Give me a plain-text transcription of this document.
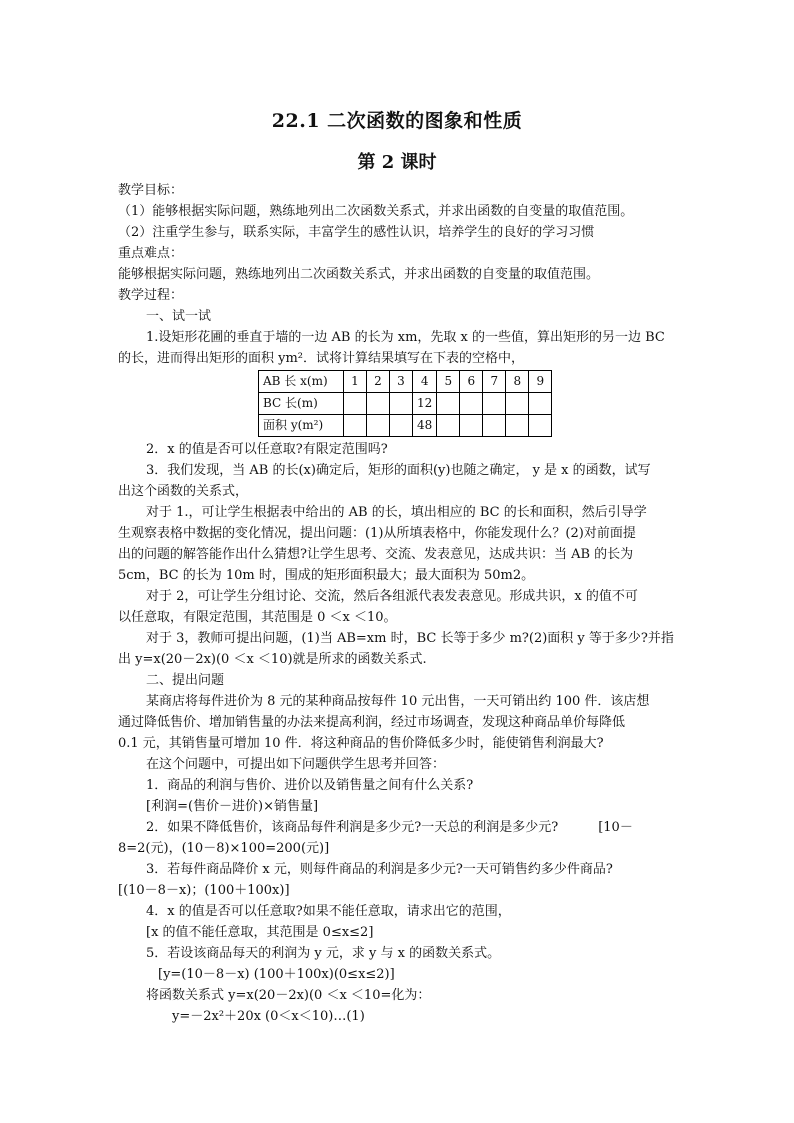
22.1 二次函数的图象和性质
第 2 课时

教学目标：

（1）能够根据实际问题，熟练地列出二次函数关系式，并求出函数的自变量的取值范围。

（2）注重学生参与，联系实际，丰富学生的感性认识，培养学生的良好的学习习惯

重点难点：

能够根据实际问题，熟练地列出二次函数关系式，并求出函数的自变量的取值范围。

教学过程：

一、试一试

1.设矩形花圃的垂直于墙的一边 AB 的长为 xm，先取 x 的一些值，算出矩形的另一边 BC

的长，进而得出矩形的面积 ym²．试将计算结果填写在下表的空格中，

AB 长 x(m)	1	2	3	4	5	6	7	8	9
BC 长(m)				12					
面积 y(m²)				48					

2．x 的值是否可以任意取?有限定范围吗?

3．我们发现，当 AB 的长(x)确定后，矩形的面积(y)也随之确定， y 是 x 的函数，试写

出这个函数的关系式，

对于 1.，可让学生根据表中给出的 AB 的长，填出相应的 BC 的长和面积，然后引导学

生观察表格中数据的变化情况，提出问题：(1)从所填表格中，你能发现什么？(2)对前面提

出的问题的解答能作出什么猜想?让学生思考、交流、发表意见，达成共识：当 AB 的长为

5cm，BC 的长为 10m 时，围成的矩形面积最大；最大面积为 50m2。

对于 2，可让学生分组讨论、交流，然后各组派代表发表意见。形成共识，x 的值不可

以任意取，有限定范围，其范围是 0 ＜x ＜10。

对于 3，教师可提出问题，(1)当 AB=xm 时，BC 长等于多少 m?(2)面积 y 等于多少?并指

出 y=x(20－2x)(0 ＜x ＜10)就是所求的函数关系式.

二、提出问题

某商店将每件进价为 8 元的某种商品按每件 10 元出售，一天可销出约 100 件．该店想

通过降低售价、增加销售量的办法来提高利润，经过市场调查，发现这种商品单价每降低

0.1 元，其销售量可增加 10 件．将这种商品的售价降低多少时，能使销售利润最大?

在这个问题中，可提出如下问题供学生思考并回答：

1．商品的利润与售价、进价以及销售量之间有什么关系?

[利润=(售价－进价)×销售量]

2．如果不降低售价，该商品每件利润是多少元?一天总的利润是多少元?	[10－

8=2(元)，(10－8)×100=200(元)]

3．若每件商品降价 x 元，则每件商品的利润是多少元?一天可销售约多少件商品?

[(10－8－x)；(100＋100x)]

4．x 的值是否可以任意取?如果不能任意取，请求出它的范围，

[x 的值不能任意取，其范围是 0≤x≤2]

5．若设该商品每天的利润为 y 元，求 y 与 x 的函数关系式。

[y=(10－8－x) (100＋100x)(0≤x≤2)]

将函数关系式 y=x(20－2x)(0 ＜x ＜10=化为：

y=－2x²＋20x (0＜x＜10)…(1)
